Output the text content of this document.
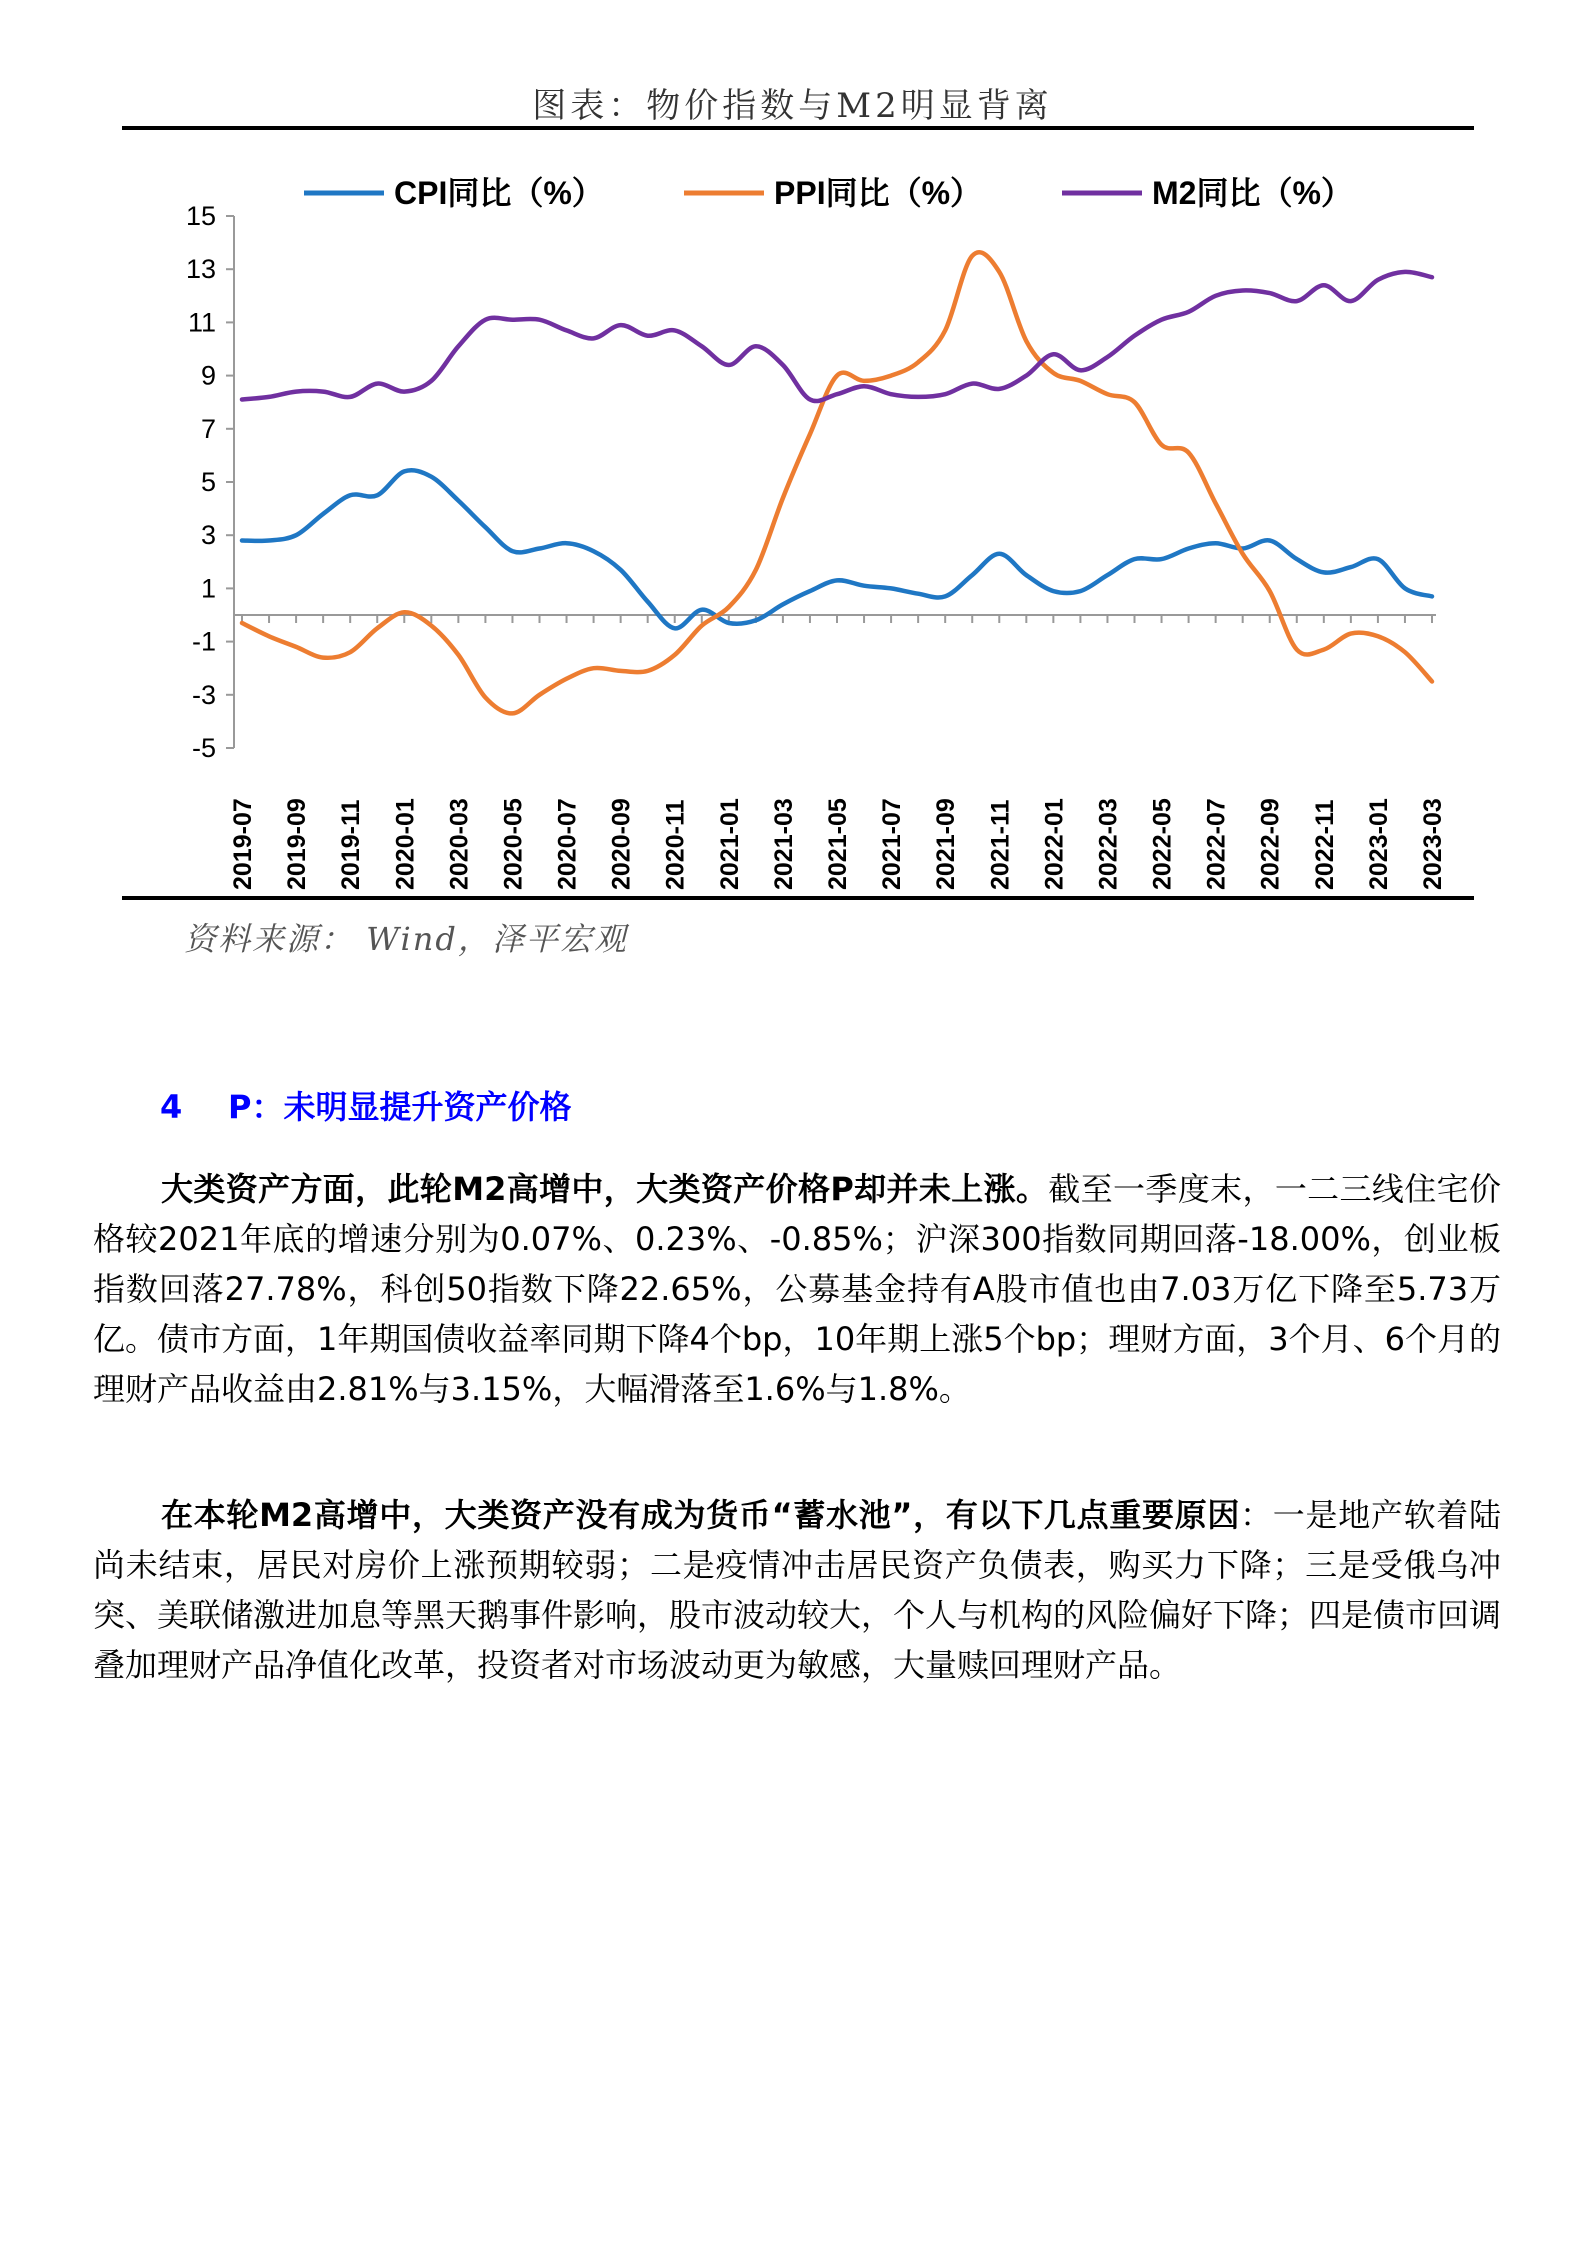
图表：物价指数与M2明显背离
CPI同比（%）	PPI同比（%）	M2同比（%）
15
13
11
9
7
5
3
1
-1
-3
-5
2019-07 2019-09 2019-11 2020-01 2020-03 2020-05 2020-07 2020-09 2020-11 2021-01 2021-03 2021-05 2021-07 2021-09 2021-11 2022-01 2022-03 2022-05 2022-07 2022-09 2022-11 2023-01 2023-03
资料来源： Wind，泽平宏观
4 P：未明显提升资产价格

大类资产方面，此轮M2高增中，大类资产价格P却并未上涨。截至一季度末，一二三线住宅价格较2021年底的增速分别为0.07%、0.23%、-0.85%；沪深300指数同期回落-18.00%，创业板指数回落27.78%，科创50指数下降22.65%，公募基金持有A股市值也由7.03万亿下降至5.73万亿。债市方面，1年期国债收益率同期下降4个bp，10年期上涨5个bp；理财方面，3个月、6个月的理财产品收益由2.81%与3.15%，大幅滑落至1.6%与1.8%。

在本轮M2高增中，大类资产没有成为货币“蓄水池”，有以下几点重要原因：一是地产软着陆尚未结束，居民对房价上涨预期较弱；二是疫情冲击居民资产负债表，购买力下降；三是受俄乌冲突、美联储激进加息等黑天鹅事件影响，股市波动较大，个人与机构的风险偏好下降；四是债市回调叠加理财产品净值化改革，投资者对市场波动更为敏感，大量赎回理财产品。
